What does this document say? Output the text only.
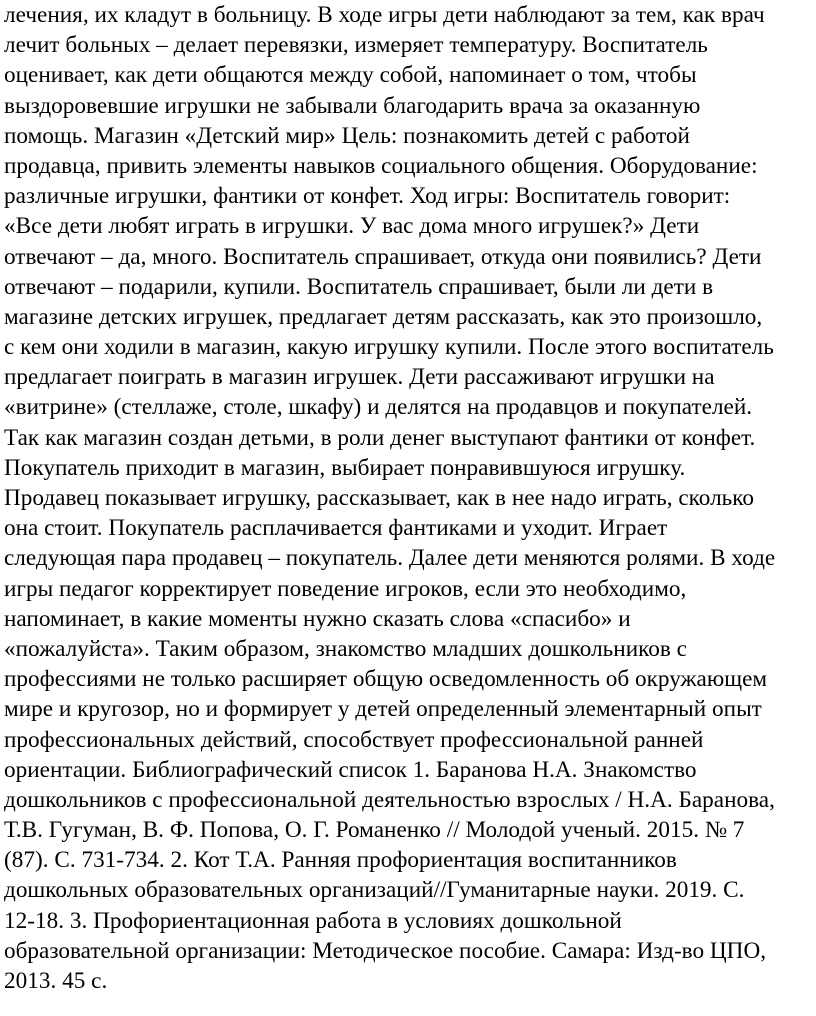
лечения, их кладут в больницу. В ходе игры дети наблюдают за тем, как врач
лечит больных – делает перевязки, измеряет температуру. Воспитатель
оценивает, как дети общаются между собой, напоминает о том, чтобы
выздоровевшие игрушки не забывали благодарить врача за оказанную
помощь. Магазин «Детский мир» Цель: познакомить детей с работой
продавца, привить элементы навыков социального общения. Оборудование:
различные игрушки, фантики от конфет. Ход игры: Воспитатель говорит:
«Все дети любят играть в игрушки. У вас дома много игрушек?» Дети
отвечают – да, много. Воспитатель спрашивает, откуда они появились? Дети
отвечают – подарили, купили. Воспитатель спрашивает, были ли дети в
магазине детских игрушек, предлагает детям рассказать, как это произошло,
с кем они ходили в магазин, какую игрушку купили. После этого воспитатель
предлагает поиграть в магазин игрушек. Дети рассаживают игрушки на
«витрине» (стеллаже, столе, шкафу) и делятся на продавцов и покупателей.
Так как магазин создан детьми, в роли денег выступают фантики от конфет.
Покупатель приходит в магазин, выбирает понравившуюся игрушку.
Продавец показывает игрушку, рассказывает, как в нее надо играть, сколько
она стоит. Покупатель расплачивается фантиками и уходит. Играет
следующая пара продавец – покупатель. Далее дети меняются ролями. В ходе
игры педагог корректирует поведение игроков, если это необходимо,
напоминает, в какие моменты нужно сказать слова «спасибо» и
«пожалуйста». Таким образом, знакомство младших дошкольников с
профессиями не только расширяет общую осведомленность об окружающем
мире и кругозор, но и формирует у детей определенный элементарный опыт
профессиональных действий, способствует профессиональной ранней
ориентации. Библиографический список 1. Баранова Н.А. Знакомство
дошкольников с профессиональной деятельностью взрослых / Н.А. Баранова,
Т.В. Гугуман, В. Ф. Попова, О. Г. Романенко // Молодой ученый. 2015. № 7
(87). С. 731-734. 2. Кот Т.А. Ранняя профориентация воспитанников
дошкольных образовательных организаций//Гуманитарные науки. 2019. С.
12-18. 3. Профориентационная работа в условиях дошкольной
образовательной организации: Методическое пособие. Самара: Изд-во ЦПО,
2013. 45 с.
